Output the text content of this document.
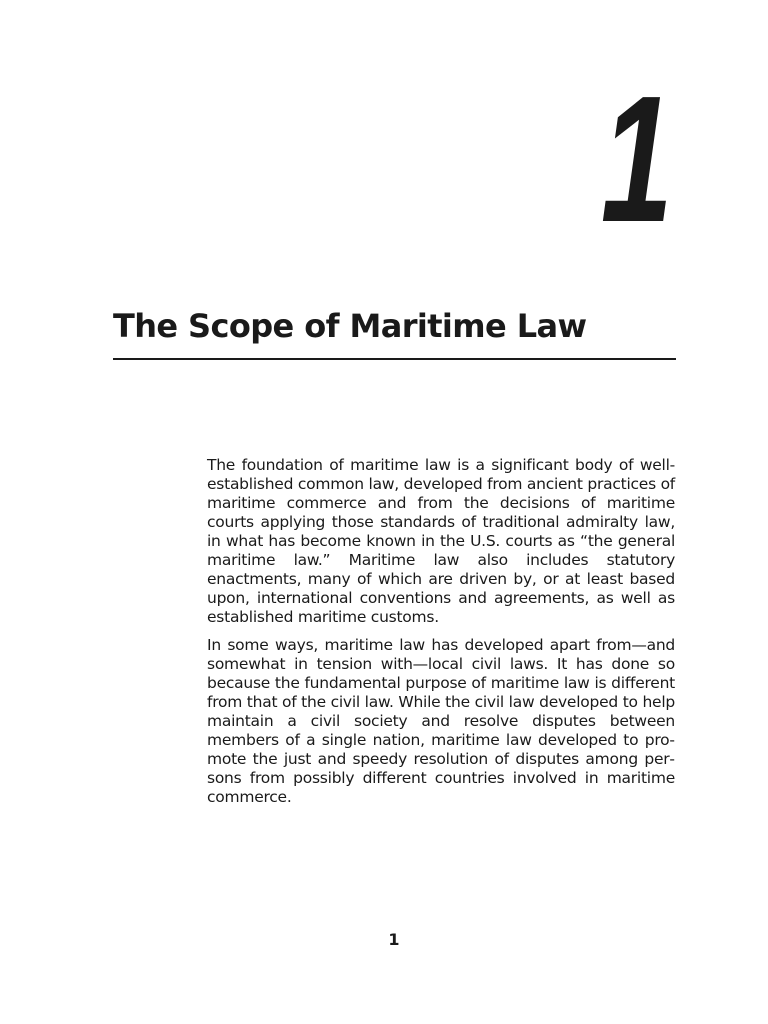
1
The Scope of Maritime Law

The foundation of maritime law is a significant body of well-established common law, developed from ancient practices of maritime commerce and from the decisions of maritime courts applying those standards of traditional admiralty law, in what has become known in the U.S. courts as “the general maritime law.” Maritime law also includes statutory enactments, many of which are driven by, or at least based upon, international conventions and agreements, as well as established maritime customs.

In some ways, maritime law has developed apart from—and somewhat in tension with—local civil laws. It has done so because the fundamental purpose of maritime law is different from that of the civil law. While the civil law developed to help maintain a civil society and resolve disputes between members of a single nation, maritime law developed to promote the just and speedy resolution of disputes among persons from possibly different countries involved in maritime commerce.

1
